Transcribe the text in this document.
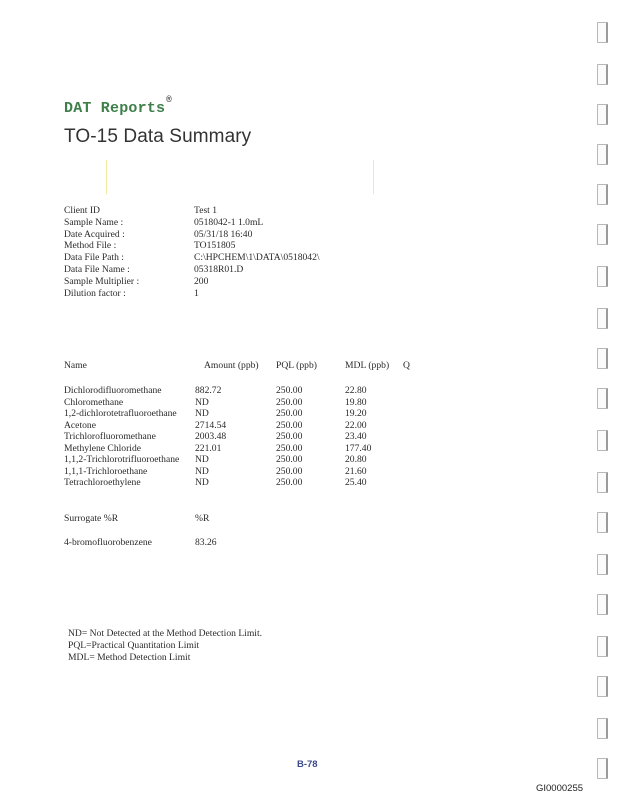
DAT Reports®
TO-15 Data Summary
Client ID	Test 1
Sample Name :	0518042-1 1.0mL
Date Acquired :	05/31/18 16:40
Method File :	TO151805
Data File Path :	C:\HPCHEM\1\DATA\0518042\
Data File Name :	05318R01.D
Sample Multiplier :	200
Dilution factor :	1
Name	Amount (ppb) PQL (ppb)	MDL (ppb) Q
Dichlorodifluoromethane	882.72	250.00	22.80
Chloromethane	ND	250.00	19.80
1,2-dichlorotetrafluoroethane ND	250.00	19.20
Acetone	2714.54	250.00	22.00
Trichlorofluoromethane	2003.48	250.00	23.40
Methylene Chloride	221.01	250.00	177.40
1,1,2-Trichlorotrifluoroethane ND	250.00	20.80
1,1,1-Trichloroethane	ND	250.00	21.60
Tetrachloroethylene	ND	250.00	25.40
Surrogate %R	%R
4-bromofluorobenzene	83.26
ND= Not Detected at the Method Detection Limit.
PQL=Practical Quantitation Limit
MDL= Method Detection Limit
B-78
GI0000255
